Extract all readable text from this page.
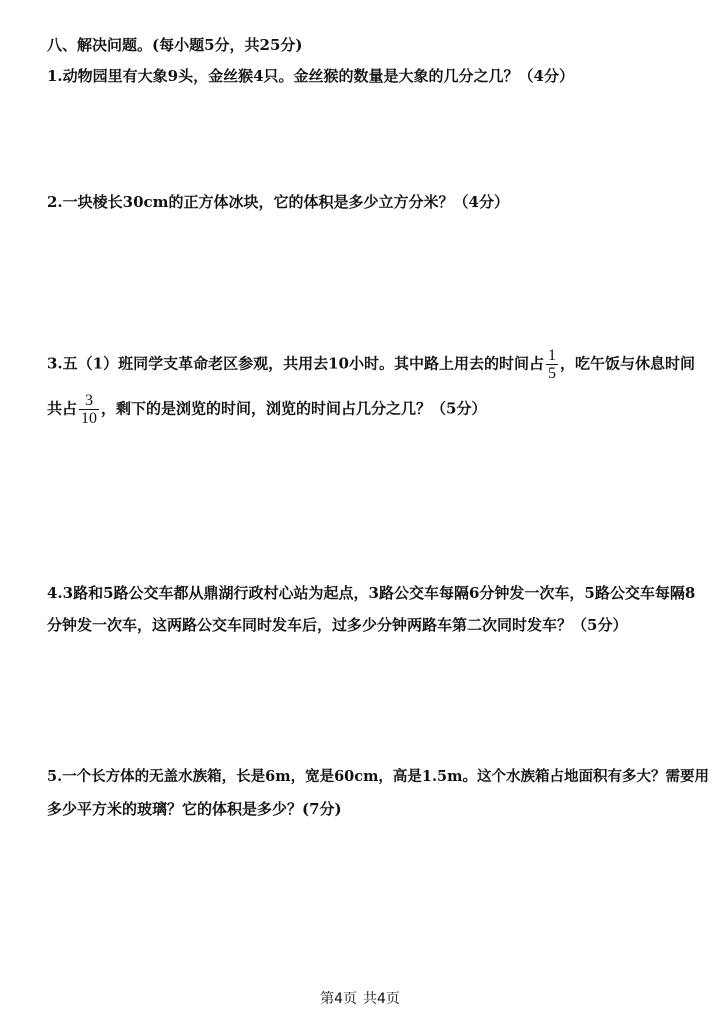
八、解决问题。(每小题5分，共25分)
1.动物园里有大象9头，金丝猴4只。金丝猴的数量是大象的几分之几？（4分）
2.一块棱长30cm的正方体冰块，它的体积是多少立方分米？（4分）
3.五（1）班同学支革命老区参观，共用去10小时。其中路上用去的时间占 $\frac{1}{5}$ ，吃午饭与休息时间
共占 $\frac{3}{10}$ ，剩下的是浏览的时间，浏览的时间占几分之几？（5分）
4.3路和5路公交车都从鼎湖行政村心站为起点，3路公交车每隔6分钟发一次车，5路公交车每隔8
分钟发一次车，这两路公交车同时发车后，过多少分钟两路车第二次同时发车？（5分）
5.一个长方体的无盖水族箱，长是6m，宽是60cm，高是1.5m。这个水族箱占地面积有多大？需要用
多少平方米的玻璃？它的体积是多少？(7分)
第4页 共4页
